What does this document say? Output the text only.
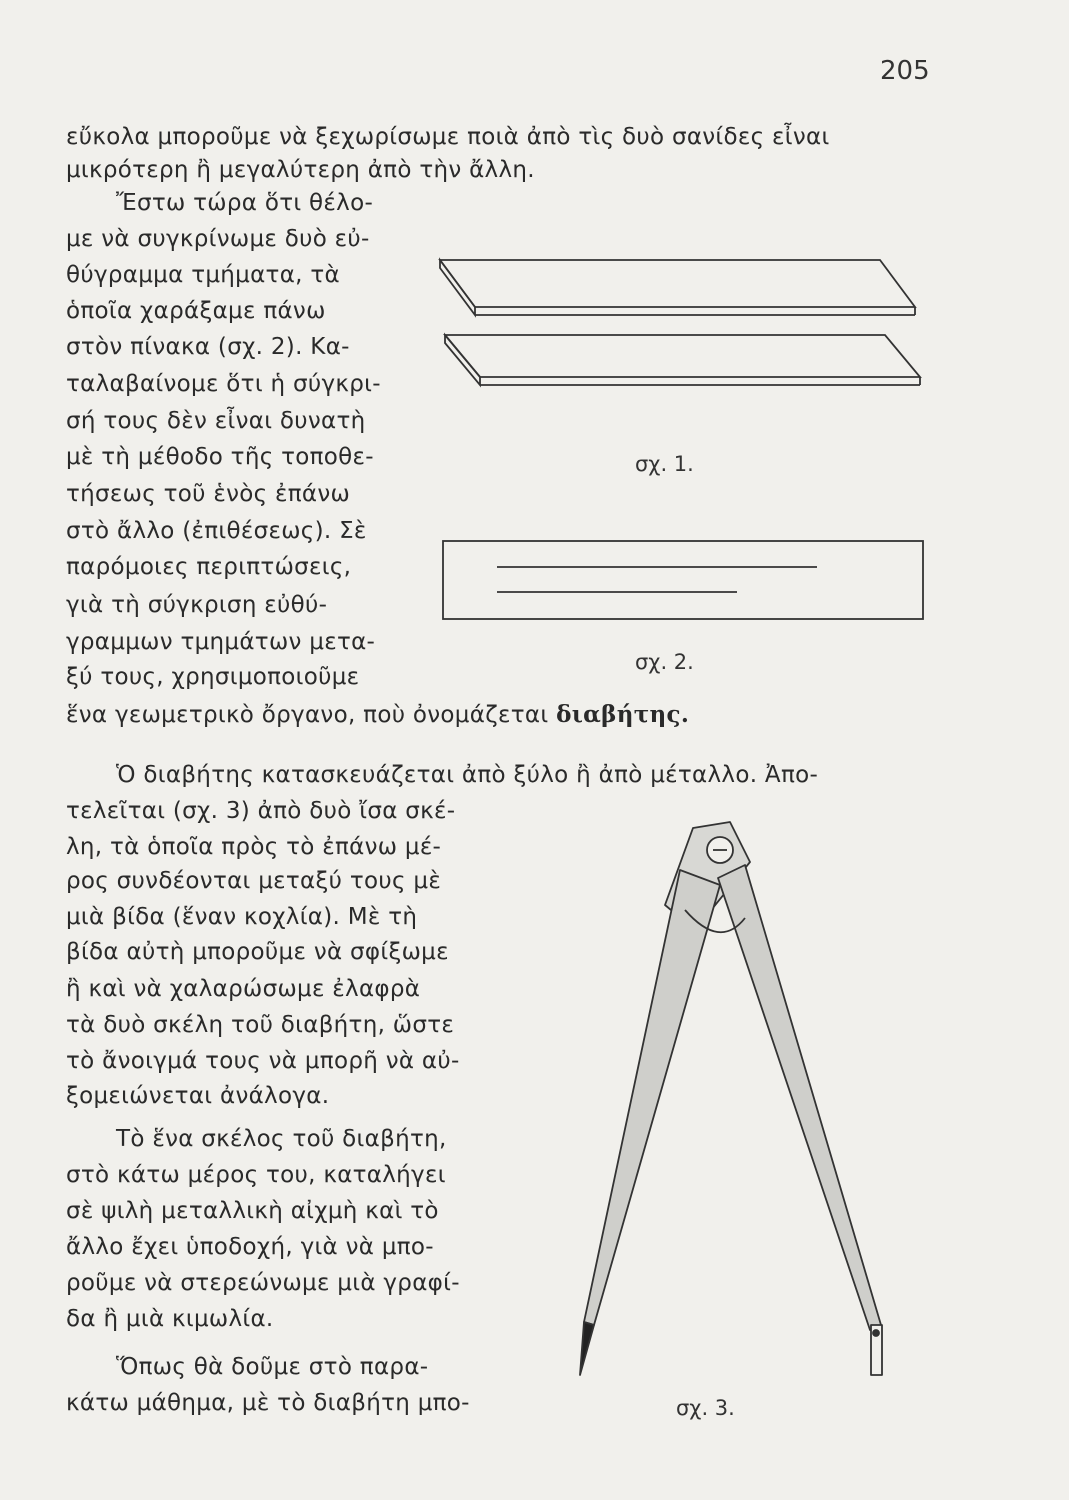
205
εὔκολα μποροῦμε νὰ ξεχωρίσωμε ποιὰ ἀπὸ τὶς δυὸ σανίδες εἶναι
μικρότερη ἢ μεγαλύτερη ἀπὸ τὴν ἄλλη.
Ἔστω τώρα ὅτι θέλο-
με νὰ συγκρίνωμε δυὸ εὐ-
θύγραμμα τμήματα, τὰ
ὁποῖα χαράξαμε πάνω
στὸν πίνακα (σχ. 2). Κα-
ταλαβαίνομε ὅτι ἡ σύγκρι-
σή τους δὲν εἶναι δυνατὴ
μὲ τὴ μέθοδο τῆς τοποθε-
τήσεως τοῦ ἑνὸς ἐπάνω
στὸ ἄλλο (ἐπιθέσεως). Σὲ
παρόμοιες περιπτώσεις,
γιὰ τὴ σύγκριση εὐθύ-
γραμμων τμημάτων μετα-
ξύ τους, χρησιμοποιοῦμε
ἕνα γεωμετρικὸ ὄργανο, ποὺ ὀνομάζεται διαβήτης.
Ὁ διαβήτης κατασκευάζεται ἀπὸ ξύλο ἢ ἀπὸ μέταλλο. Ἀπο-
τελεῖται (σχ. 3) ἀπὸ δυὸ ἴσα σκέ-
λη, τὰ ὁποῖα πρὸς τὸ ἐπάνω μέ-
ρος συνδέονται μεταξύ τους μὲ
μιὰ βίδα (ἕναν κοχλία). Μὲ τὴ
βίδα αὐτὴ μποροῦμε νὰ σφίξωμε
ἢ καὶ νὰ χαλαρώσωμε ἐλαφρὰ
τὰ δυὸ σκέλη τοῦ διαβήτη, ὥστε
τὸ ἄνοιγμά τους νὰ μπορῆ νὰ αὐ-
ξομειώνεται ἀνάλογα.
Τὸ ἕνα σκέλος τοῦ διαβήτη,
στὸ κάτω μέρος του, καταλήγει
σὲ ψιλὴ μεταλλικὴ αἰχμὴ καὶ τὸ
ἄλλο ἔχει ὑποδοχή, γιὰ νὰ μπο-
ροῦμε νὰ στερεώνωμε μιὰ γραφί-
δα ἢ μιὰ κιμωλία.
Ὅπως θὰ δοῦμε στὸ παρα-
κάτω μάθημα, μὲ τὸ διαβήτη μπο-
σχ. 1.
σχ. 2.
σχ. 3.
